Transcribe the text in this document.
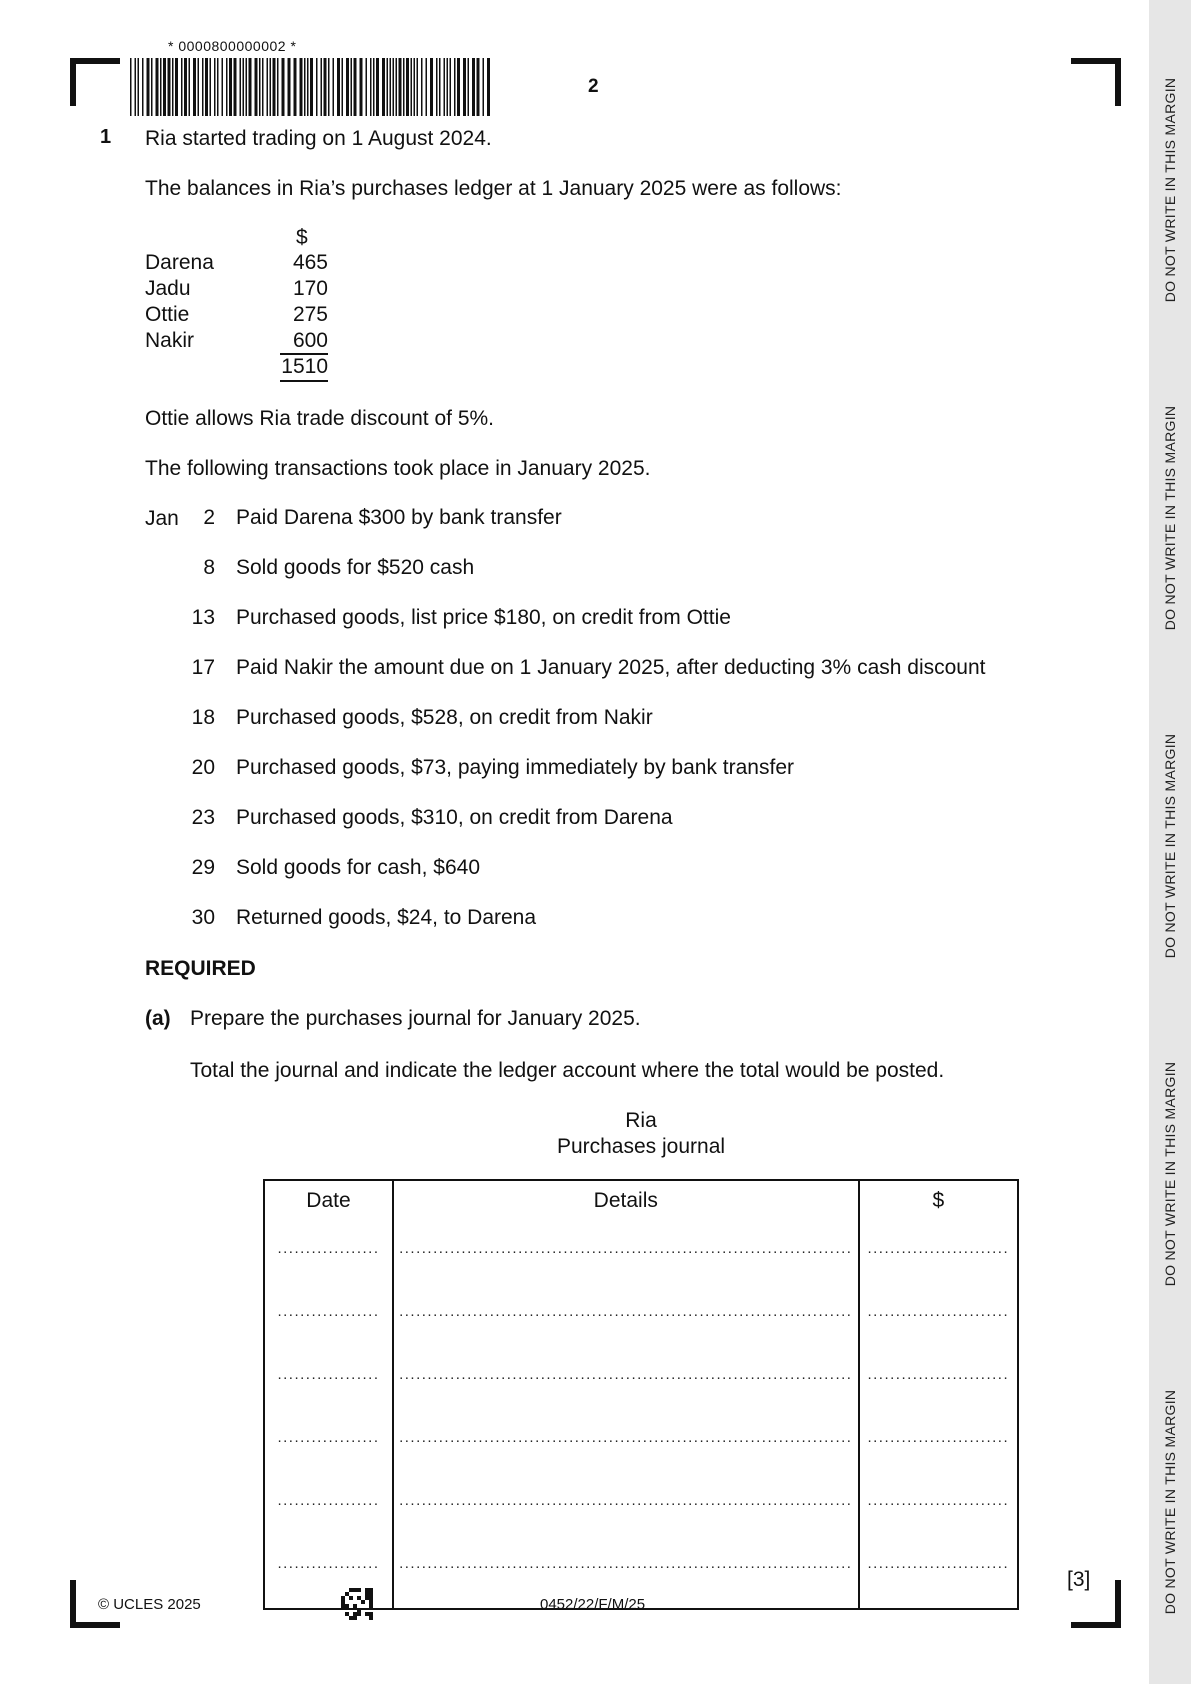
* 0000800000002 *
2
1 Ria started trading on 1 August 2024.
The balances in Ria’s purchases ledger at 1 January 2025 were as follows:
$
Darena	465
Jadu	170
Ottie	275
Nakir	600
1510
Ottie allows Ria trade discount of 5%.
The following transactions took place in January 2025.
Jan	2 Paid Darena $300 by bank transfer
8 Sold goods for $520 cash
13 Purchased goods, list price $180, on credit from Ottie
17 Paid Nakir the amount due on 1 January 2025, after deducting 3% cash discount
18 Purchased goods, $528, on credit from Nakir
20 Purchased goods, $73, paying immediately by bank transfer
23 Purchased goods, $310, on credit from Darena
29 Sold goods for cash, $640
30 Returned goods, $24, to Darena
REQUIRED
(a) Prepare the purchases journal for January 2025.
Total the journal and indicate the ledger account where the total would be posted.
Ria
Purchases journal
Date	Details	$
..................	................................................................................	.........................
..................	................................................................................	.........................
..................	................................................................................	.........................
..................	................................................................................	.........................
..................	................................................................................	.........................
..................	................................................................................	.........................
[3]
© UCLES 2025	0452/22/F/M/25
DO NOT WRITE IN THIS MARGIN
DO NOT WRITE IN THIS MARGIN
DO NOT WRITE IN THIS MARGIN
DO NOT WRITE IN THIS MARGIN
DO NOT WRITE IN THIS MARGIN
